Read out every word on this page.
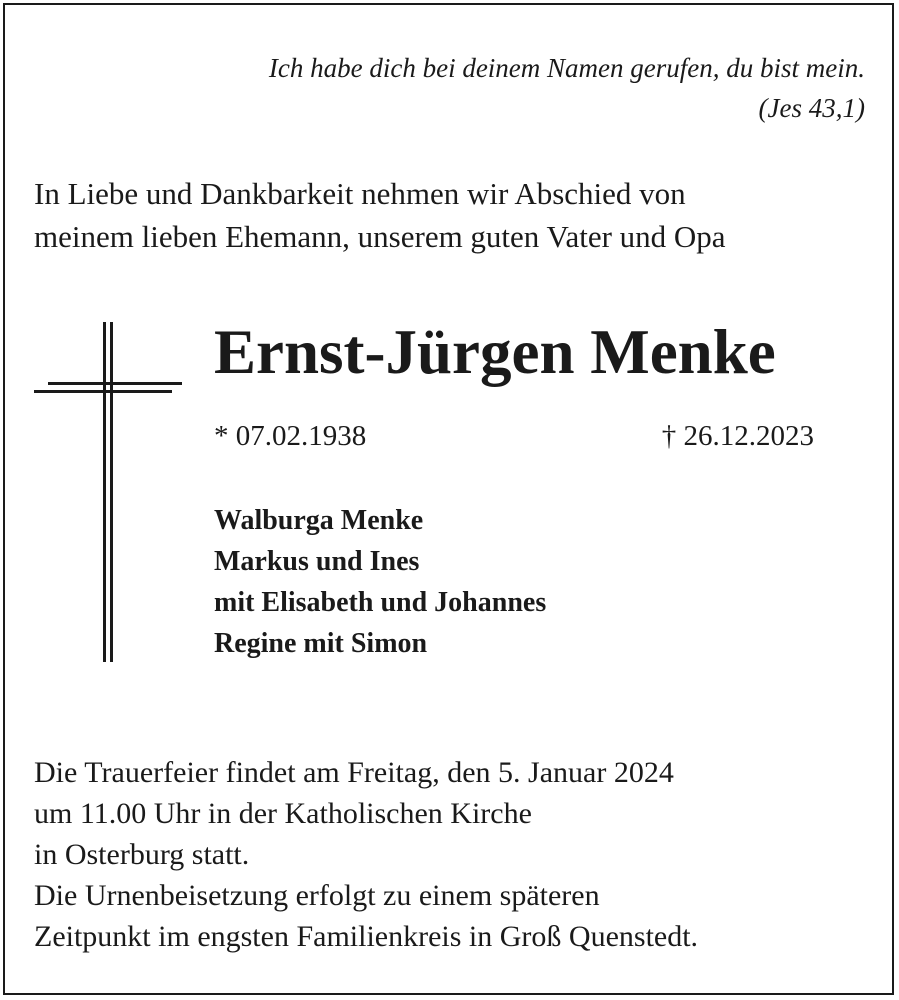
Ich habe dich bei deinem Namen gerufen, du bist mein.
(Jes 43,1)
In Liebe und Dankbarkeit nehmen wir Abschied von
meinem lieben Ehemann, unserem guten Vater und Opa
Ernst-Jürgen Menke
* 07.02.1938	† 26.12.2023
Walburga Menke
Markus und Ines
mit Elisabeth und Johannes
Regine mit Simon
Die Trauerfeier findet am Freitag, den 5. Januar 2024
um 11.00 Uhr in der Katholischen Kirche
in Osterburg statt.
Die Urnenbeisetzung erfolgt zu einem späteren
Zeitpunkt im engsten Familienkreis in Groß Quenstedt.
